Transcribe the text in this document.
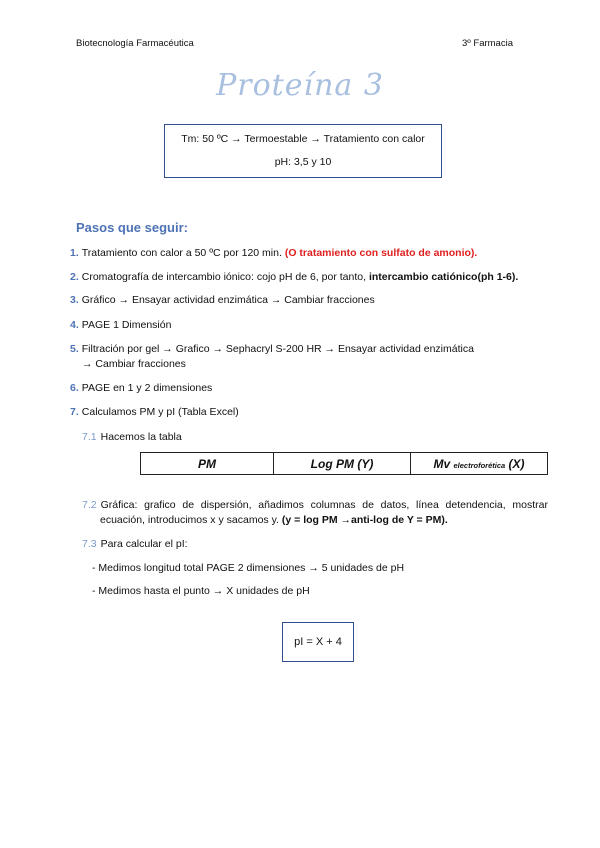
Biotecnología Farmacéutica	3º Farmacia
Proteína 3
Tm: 50 ºC → Termoestable → Tratamiento con calor
pH: 3,5 y 10
Pasos que seguir:
1. Tratamiento con calor a 50 ºC por 120 min. (O tratamiento con sulfato de amonio).
2. Cromatografía de intercambio iónico: cojo pH de 6, por tanto, intercambio catiónico(ph 1-6).
3. Gráfico → Ensayar actividad enzimática → Cambiar fracciones
4. PAGE 1 Dimensión
5. Filtración por gel → Grafico → Sephacryl S-200 HR → Ensayar actividad enzimática
→ Cambiar fracciones
6. PAGE en 1 y 2 dimensiones
7. Calculamos PM y pI (Tabla Excel)
7.1 Hacemos la tabla
PM	Log PM (Y)	Mv electroforética (X)
7.2 Gráfica: grafico de dispersión, añadimos columnas de datos, línea detendencia, mostrar
ecuación, introducimos x y sacamos y. (y = log PM →anti-log de Y = PM).
7.3 Para calcular el pI:
- Medimos longitud total PAGE 2 dimensiones → 5 unidades de pH
- Medimos hasta el punto → X unidades de pH
pI = X + 4
